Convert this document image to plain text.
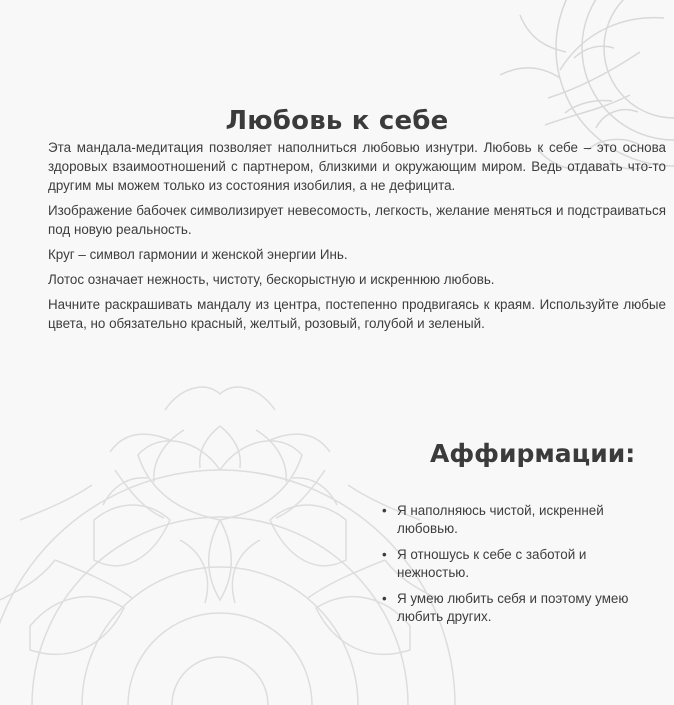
Любовь к себе

Эта мандала-медитация позволяет наполниться любовью изнутри. Любовь к себе – это основа здоровых взаимоотношений с партнером, близкими и окружающим миром. Ведь отдавать что-то другим мы можем только из состояния изобилия, а не дефицита.

Изображение бабочек символизирует невесомость, легкость, желание меняться и подстраиваться под новую реальность.

Круг – символ гармонии и женской энергии Инь.

Лотос означает нежность, чистоту, бескорыстную и искреннюю любовь.

Начните раскрашивать мандалу из центра, постепенно продвигаясь к краям. Используйте любые цвета, но обязательно красный, желтый, розовый, голубой и зеленый.

Аффирмации:
• Я наполняюсь чистой, искренней любовью.
• Я отношусь к себе с заботой и нежностью.
• Я умею любить себя и поэтому умею любить других.
